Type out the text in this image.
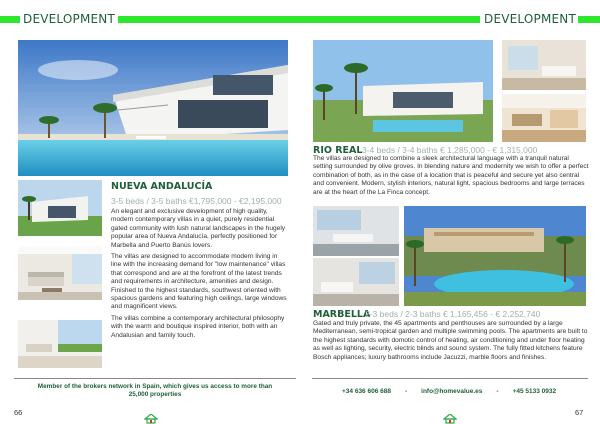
DEVELOPMENT	DEVELOPMENT
NUEVA ANDALUCÍA
3-5 beds / 3-5 baths €1,795,000 - €2,195,000

An elegant and exclusive development of high quality, modern contemporary villas in a quiet, purely residential gated community with lush natural landscapes in the hugely popular area of Nueva Andalucía, perfectly positioned for Marbella and Puerto Banús lovers.

The villas are designed to accommodate modern living in line with the increasing demand for "low maintenance" villas that correspond and are at the forefront of the latest trends and requirements in architecture, amenities and design. Finished to the highest standards, southwest oriented with spacious gardens and featuring high ceilings, large windows and magnificent views.

The villas combine a contemporary architectural philosophy with the warm and boutique inspired interior, both with an Andalusian and family touch.

RIO REAL 3-4 beds / 3-4 baths € 1,285,000 - € 1,315,000
The villas are designed to combine a sleek architectural language with a tranquil natural setting surrounded by olive groves. In blending nature and modernity we wish to offer a perfect combination of both, as in the case of a location that is peaceful and secure yet also central and convenient. Modern, stylish interiors, natural light, spacious bedrooms and large terraces are at the heart of the La Finca concept.
MARBELLA
2-3 beds / 2-3 baths € 1,165,456 - € 2,252,740
Gated and truly private, the 45 apartments and penthouses are surrounded by a large Mediterranean, semi-tropical garden and multiple swimming pools. The apartments are built to the highest standards with domotic control of heating, air conditioning and under floor heating as well as lighting, security, electric blinds and sound system. The fully fitted kitchens feature Bosch appliances; luxury bathrooms include Jacuzzi, marble floors and finishes.
Member of the brokers network in Spain, which gives us access to more than 25,000 properties	+34 636 606 688 - info@homevalue.es - +45 5133 0932
66	67
